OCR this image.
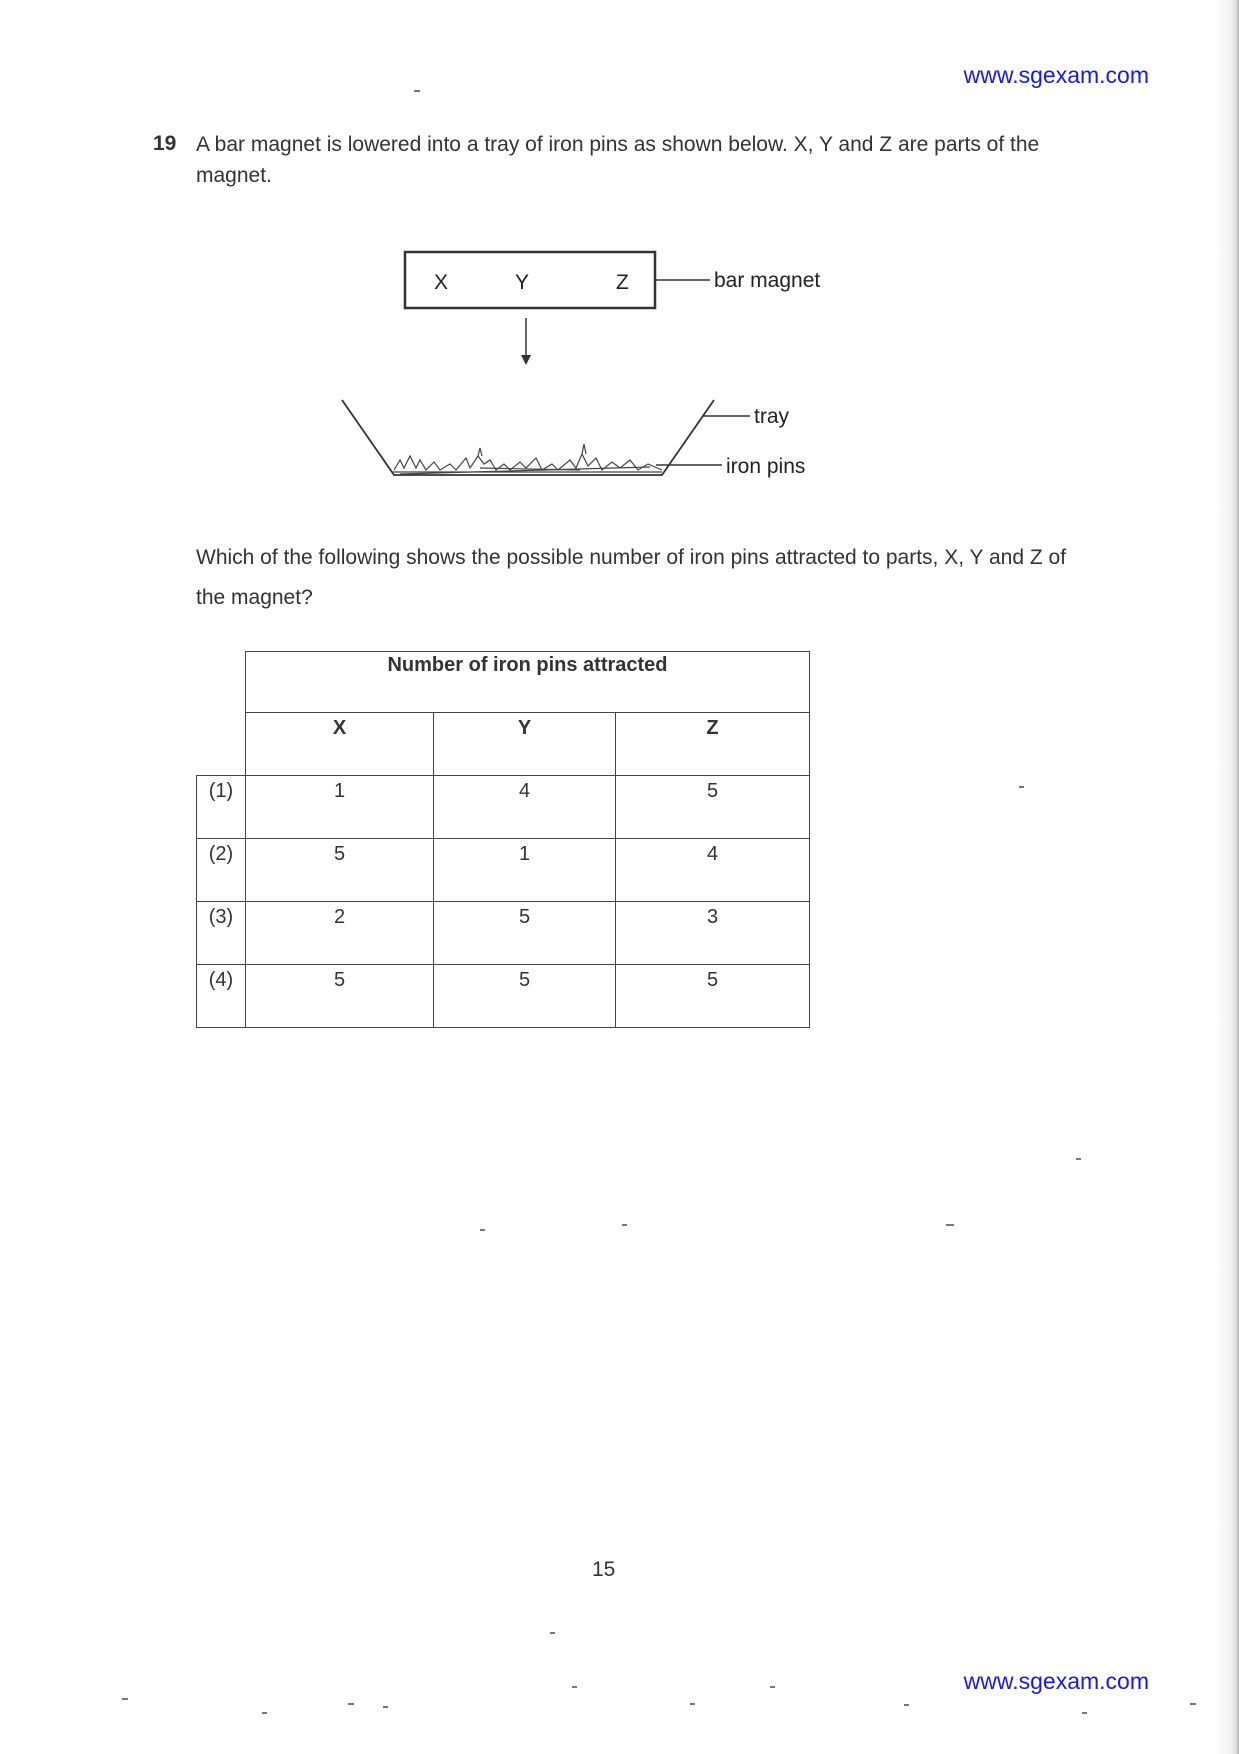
www.sgexam.com
19 A bar magnet is lowered into a tray of iron pins as shown below. X, Y and Z are parts of the magnet.
X	Y	Z	bar magnet
tray
iron pins
Which of the following shows the possible number of iron pins attracted to parts, X, Y and Z of the magnet?
	Number of iron pins attracted		
	X	Y	Z
(1)	1	4	5
(2)	5	1	4
(3)	2	5	3
(4)	5	5	5
15
www.sgexam.com
